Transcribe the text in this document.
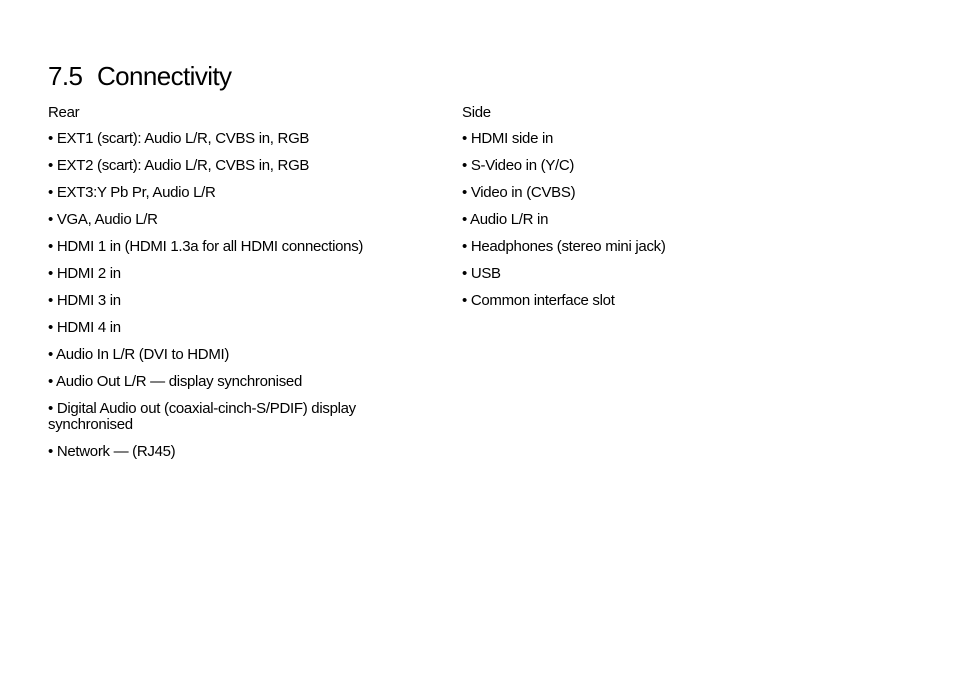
7.5 Connectivity
Rear
• EXT1 (scart): Audio L/R, CVBS in, RGB
• EXT2 (scart): Audio L/R, CVBS in, RGB
• EXT3:Y Pb Pr, Audio L/R
• VGA, Audio L/R
• HDMI 1 in (HDMI 1.3a for all HDMI connections)
• HDMI 2 in
• HDMI 3 in
• HDMI 4 in
• Audio In L/R (DVI to HDMI)
• Audio Out L/R — display synchronised
• Digital Audio out (coaxial-cinch-S/PDIF) display synchronised
• Network — (RJ45)
Side
• HDMI side in
• S-Video in (Y/C)
• Video in (CVBS)
• Audio L/R in
• Headphones (stereo mini jack)
• USB
• Common interface slot
